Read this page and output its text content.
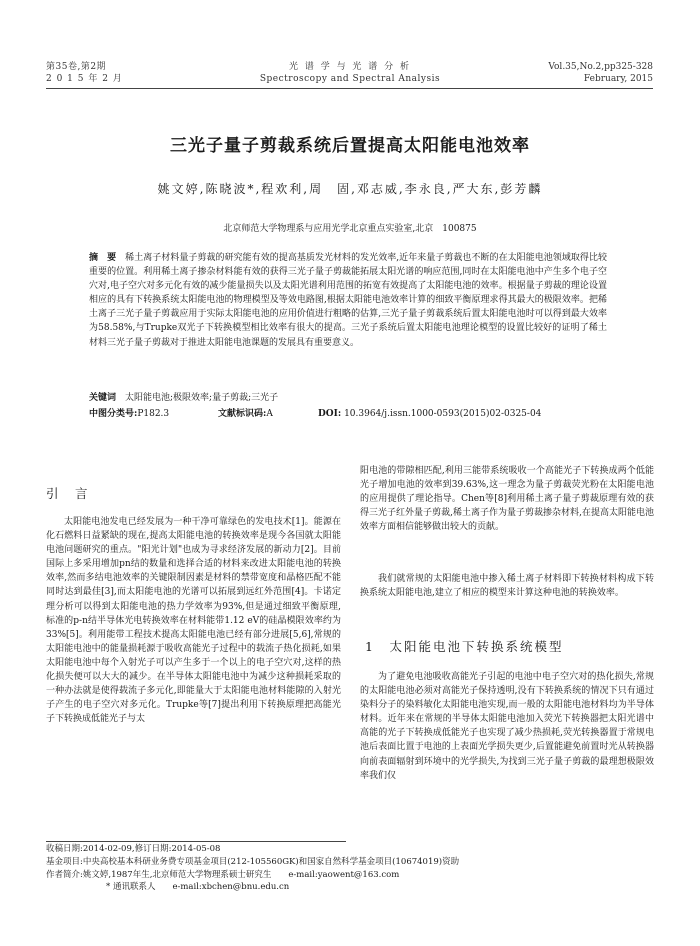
第35卷,第2期
2 0 1 5 年 2 月
光 谱 学 与 光 谱 分 析
Spectroscopy and Spectral Analysis
Vol.35,No.2,pp325-328
February, 2015
三光子量子剪裁系统后置提高太阳能电池效率
姚文婷,陈晓波*,程欢利,周　固,邓志威,李永良,严大东,彭芳麟
北京师范大学物理系与应用光学北京重点实验室,北京　100875
摘　要  稀土离子材料量子剪裁的研究能有效的提高基质发光材料的发光效率,近年来量子剪裁也不断的在太阳能电池领域取得比较重要的位置。利用稀土离子掺杂材料能有效的获得三光子量子剪裁能拓展太阳光谱的响应范围,同时在太阳能电池中产生多个电子空穴对,电子空穴对多元化有效的减少能量损失以及太阳光谱利用范围的拓宽有效提高了太阳能电池的效率。根据量子剪裁的理论设置相应的具有下转换系统太阳能电池的物理模型及等效电路图,根据太阳能电池效率计算的细致平衡原理求得其最大的极限效率。把稀土离子三光子量子剪裁应用于实际太阳能电池的应用价值进行粗略的估算,三光子量子剪裁系统后置太阳能电池时可以得到最大效率为58.58%,与Trupke双光子下转换模型相比效率有很大的提高。三光子系统后置太阳能电池理论模型的设置比较好的证明了稀土材料三光子量子剪裁对于推进太阳能电池课题的发展具有重要意义。
关键词  太阳能电池;极限效率;量子剪裁;三光子
中图分类号:P182.3	文献标识码:A	DOI: 10.3964/j.issn.1000-0593(2015)02-0325-04
引　言
太阳能电池发电已经发展为一种干净可靠绿色的发电技术[1]。能源在化石燃料日益紧缺的现在,提高太阳能电池的转换效率是现今各国就太阳能电池问题研究的重点。"阳光计划"也成为寻求经济发展的新动力[2]。目前国际上多采用增加pn结的数量和选择合适的材料来改进太阳能电池的转换效率,然而多结电池效率的关键限制因素是材料的禁带宽度和晶格匹配不能同时达到最佳[3],而太阳能电池的光谱可以拓展到远红外范围[4]。卡诺定理分析可以得到太阳能电池的热力学效率为93%,但是通过细致平衡原理,标准的p-n结半导体光电转换效率在材料能带1.12 eV的硅晶模限效率约为33%[5]。利用能带工程技术提高太阳能电池已经有部分进展[5,6],常规的太阳能电池中的能量损耗源于吸收高能光子过程中的载流子热化损耗,如果太阳能电池中每个入射光子可以产生多于一个以上的电子空穴对,这样的热化损失便可以大大的减少。在半导体太阳能电池中为减少这种损耗采取的一种办法就是使得载流子多元化,即能量大于太阳能电池材料能隙的入射光子产生的电子空穴对多元化。Trupke等[7]提出利用下转换原理把高能光子下转换成低能光子与太
阳电池的带隙相匹配,利用三能带系统吸收一个高能光子下转换成两个低能光子增加电池的效率到39.63%,这一理念为量子剪裁荧光粉在太阳能电池的应用提供了理论指导。Chen等[8]利用稀土离子量子剪裁原理有效的获得三光子红外量子剪裁,稀土离子作为量子剪裁掺杂材料,在提高太阳能电池效率方面相信能够做出较大的贡献。
我们就常规的太阳能电池中掺入稀土离子材料即下转换材料构成下转换系统太阳能电池,建立了相应的模型来计算这种电池的转换效率。
1  太阳能电池下转换系统模型
为了避免电池吸收高能光子引起的电池中电子空穴对的热化损失,常规的太阳能电池必须对高能光子保持透明,没有下转换系统的情况下只有通过染料分子的染料敏化太阳能电池实现,而一般的太阳能电池材料均为半导体材料。近年来在常规的半导体太阳能电池加入荧光下转换器把太阳光谱中高能的光子下转换成低能光子也实现了减少热损耗,荧光转换器置于常规电池后表面比置于电池的上表面光学损失更少,后置能避免前置时光从转换器向前表面辐射到环境中的光学损失,为找到三光子量子剪裁的最理想极限效率我们仅
收稿日期:2014-02-09,修订日期:2014-05-08
基金项目:中央高校基本科研业务费专项基金项目(212-105560GK)和国家自然科学基金项目(10674019)资助
作者简介:姚文婷,1987年生,北京师范大学物理系硕士研究生　　e-mail:yaowent@163.com
* 通讯联系人　　e-mail:xbchen@bnu.edu.cn
